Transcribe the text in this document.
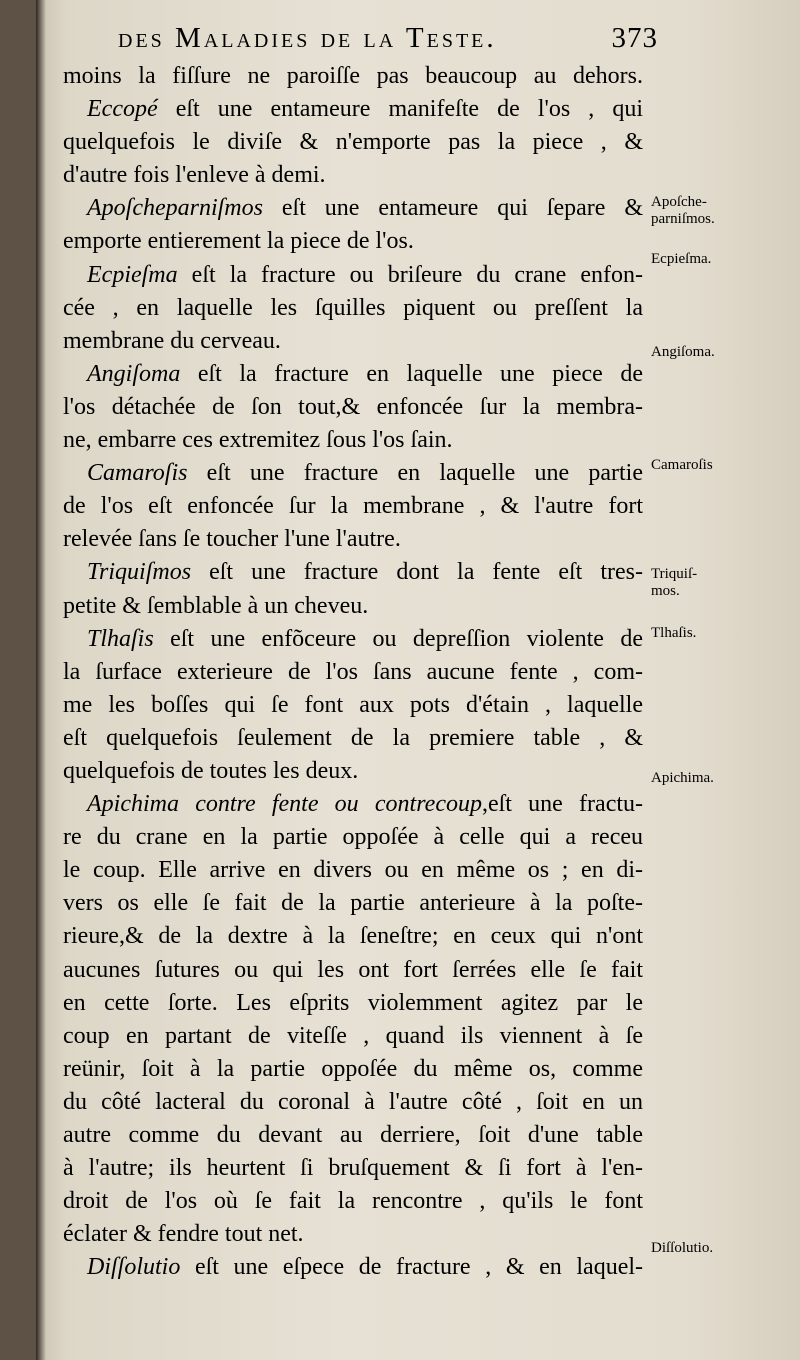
des Maladies de la Teste.	373
moins la fiſſure ne paroiſſe pas beaucoup au dehors.
Eccopé eſt une entameure manifeſte de l'os , qui
quelquefois le diviſe & n'emporte pas la piece , &
d'autre fois l'enleve à demi.
Apoſcheparniſmos eſt une entameure qui ſepare &
emporte entierement la piece de l'os.
Ecpieſma eſt la fracture ou briſeure du crane enfon-
cée , en laquelle les ſquilles piquent ou preſſent la
membrane du cerveau.
Angiſoma eſt la fracture en laquelle une piece de
l'os détachée de ſon tout,& enfoncée ſur la membra-
ne, embarre ces extremitez ſous l'os ſain.
Camaroſis eſt une fracture en laquelle une partie
de l'os eſt enfoncée ſur la membrane , & l'autre fort
relevée ſans ſe toucher l'une l'autre.
Triquiſmos eſt une fracture dont la fente eſt tres-
petite & ſemblable à un cheveu.
Tlhaſis eſt une enfõceure ou depreſſion violente de
la ſurface exterieure de l'os ſans aucune fente , com-
me les boſſes qui ſe font aux pots d'étain , laquelle
eſt quelquefois ſeulement de la premiere table , &
quelquefois de toutes les deux.
Apichima contre fente ou contrecoup,eſt une fractu-
re du crane en la partie oppoſée à celle qui a receu
le coup. Elle arrive en divers ou en même os ; en di-
vers os elle ſe fait de la partie anterieure à la poſte-
rieure,& de la dextre à la ſeneſtre; en ceux qui n'ont
aucunes ſutures ou qui les ont fort ſerrées elle ſe fait
en cette ſorte. Les eſprits violemment agitez par le
coup en partant de viteſſe , quand ils viennent à ſe
reünir, ſoit à la partie oppoſée du même os, comme
du côté lacteral du coronal à l'autre côté , ſoit en un
autre comme du devant au derriere, ſoit d'une table
à l'autre; ils heurtent ſi bruſquement & ſi fort à l'en-
droit de l'os où ſe fait la rencontre , qu'ils le font
éclater & fendre tout net.
Diſſolutio eſt une eſpece de fracture , & en laquel-
Apoſche-
parniſmos.
Ecpieſma.
Angiſoma.
Camaroſis
Triquiſ-
mos.
Tlhaſis.
Apichima.
Diſſolutio.
